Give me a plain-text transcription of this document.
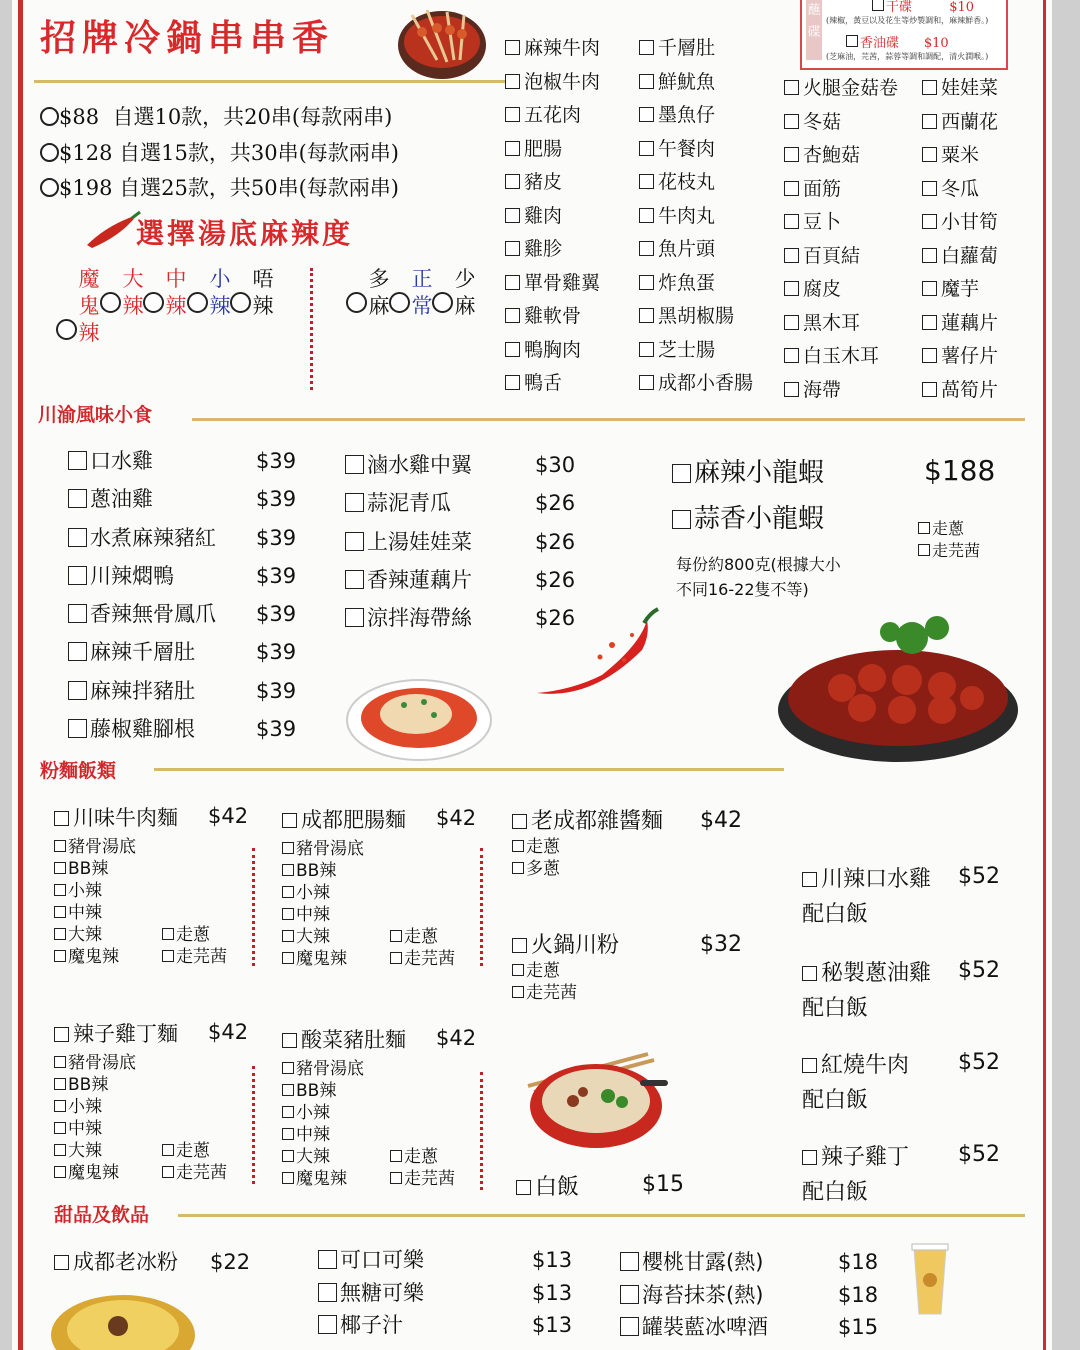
招牌冷鍋串串香
$88 自選10款，共20串(每款兩串)
$128 自選15款，共30串(每款兩串)
$198 自選25款，共50串(每款兩串)
選擇湯底麻辣度
魔鬼辣
大辣
中辣
小辣
唔辣
多麻
正常
少麻
麻辣牛肉
泡椒牛肉
五花肉
肥腸
豬皮
雞肉
雞胗
單骨雞翼
雞軟骨
鴨胸肉
鴨舌
千層肚
鮮魷魚
墨魚仔
午餐肉
花枝丸
牛肉丸
魚片頭
炸魚蛋
黑胡椒腸
芝士腸
成都小香腸
火腿金菇卷
冬菇
杏鮑菇
面筋
豆卜
百頁結
腐皮
黑木耳
白玉木耳
海帶
娃娃菜
西蘭花
粟米
冬瓜
小甘筍
白蘿蔔
魔芋
蓮藕片
薯仔片
萵筍片
蘸碟
干碟	$10
(辣椒，黃豆以及花生等炒製調和，麻辣鮮香。)
香油碟 $10
(芝麻油，芫茜，蒜蓉等調和調配，清火潤喉。)
川渝風味小食
口水雞	$39
蔥油雞	$39
水煮麻辣豬紅 $39
川辣燜鴨	$39
香辣無骨鳳爪 $39
麻辣千層肚	$39
麻辣拌豬肚	$39
藤椒雞腳根	$39
滷水雞中翼	$30
蒜泥青瓜	$26
上湯娃娃菜	$26
香辣蓮藕片	$26
涼拌海帶絲	$26
麻辣小龍蝦	$188
蒜香小龍蝦
每份約800克(根據大小不同16-22隻不等)
走蔥
走芫茜
粉麵飯類
川味牛肉麵 $42
豬骨湯底
BB辣
小辣
中辣
大辣
魔鬼辣
走蔥
走芫茜
成都肥腸麵 $42
豬骨湯底
BB辣
小辣
中辣
大辣
魔鬼辣
走蔥
走芫茜
辣子雞丁麵 $42
豬骨湯底
BB辣
小辣
中辣
大辣
魔鬼辣
走蔥
走芫茜
酸菜豬肚麵 $42
豬骨湯底
BB辣
小辣
中辣
大辣
魔鬼辣
走蔥
走芫茜
老成都雜醬麵 $42
走蔥
多蔥
火鍋川粉	$32
走蔥
走芫茜
白飯	$15
川辣口水雞 $52
配白飯
秘製蔥油雞 $52
配白飯
紅燒牛肉 $52
配白飯
辣子雞丁 $52
配白飯
甜品及飲品
成都老冰粉 $22	可口可樂	$13
無糖可樂	$13
椰子汁	$13
櫻桃甘露(熱)	$18
海苔抹茶(熱)	$18
罐裝藍冰啤酒	$15
